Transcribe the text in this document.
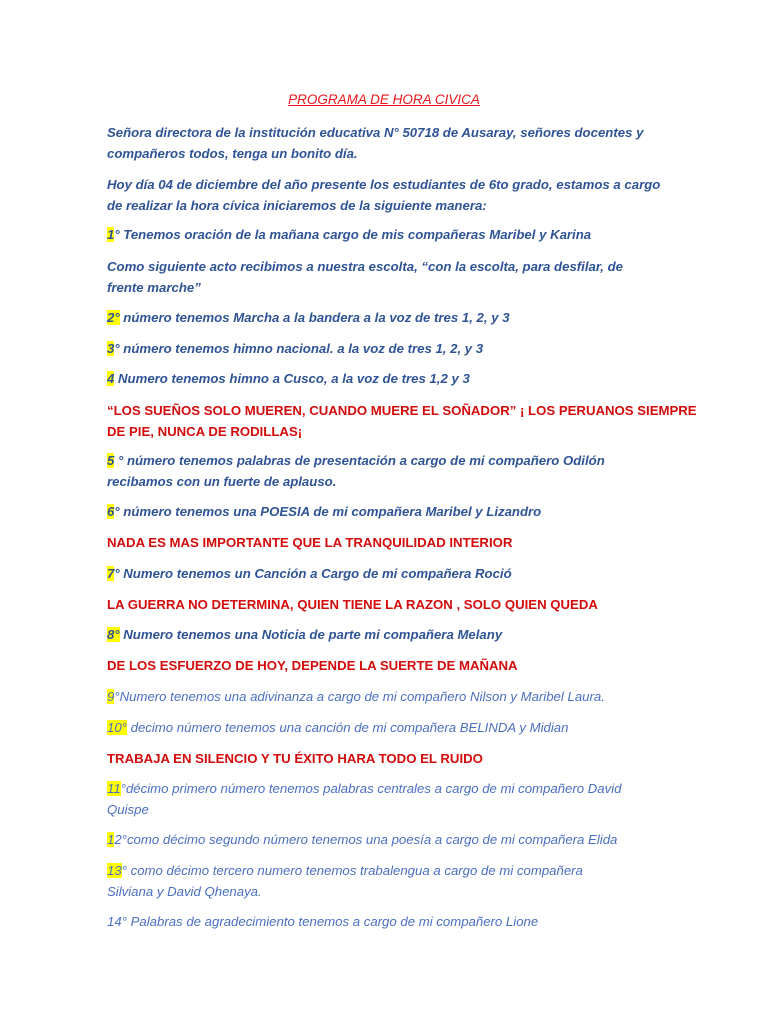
PROGRAMA DE HORA CIVICA
Señora directora de la institución educativa N° 50718 de Ausaray, señores docentes y
compañeros todos, tenga un bonito día.
Hoy día 04 de diciembre del año presente los estudiantes de 6to grado, estamos a cargo
de realizar la hora cívica iniciaremos de la siguiente manera:
1° Tenemos oración de la mañana cargo de mis compañeras Maribel y Karina
Como siguiente acto recibimos a nuestra escolta, “con la escolta, para desfilar, de
frente marche”
2° número tenemos Marcha a la bandera a la voz de tres 1, 2, y 3
3° número tenemos himno nacional. a la voz de tres 1, 2, y 3
4 Numero tenemos himno a Cusco, a la voz de tres 1,2 y 3
“LOS SUEÑOS SOLO MUEREN, CUANDO MUERE EL SOÑADOR” ¡ LOS PERUANOS SIEMPRE
DE PIE, NUNCA DE RODILLAS¡
5 ° número tenemos palabras de presentación a cargo de mi compañero Odilón
recibamos con un fuerte de aplauso.
6° número tenemos una POESIA de mi compañera Maribel y Lizandro
NADA ES MAS IMPORTANTE QUE LA TRANQUILIDAD INTERIOR
7° Numero tenemos un Canción a Cargo de mi compañera Roció
LA GUERRA NO DETERMINA, QUIEN TIENE LA RAZON , SOLO QUIEN QUEDA
8° Numero tenemos una Noticia de parte mi compañera Melany
DE LOS ESFUERZO DE HOY, DEPENDE LA SUERTE DE MAÑANA
9°Numero tenemos una adivinanza a cargo de mi compañero Nilson y Maribel Laura.
10° decimo número tenemos una canción de mi compañera BELINDA y Midian
TRABAJA EN SILENCIO Y TU ÉXITO HARA TODO EL RUIDO
11°décimo primero número tenemos palabras centrales a cargo de mi compañero David
Quispe
12°como décimo segundo número tenemos una poesía a cargo de mi compañera Elida
13° como décimo tercero numero tenemos trabalengua a cargo de mi compañera
Silviana y David Qhenaya.
14° Palabras de agradecimiento tenemos a cargo de mi compañero Lione
